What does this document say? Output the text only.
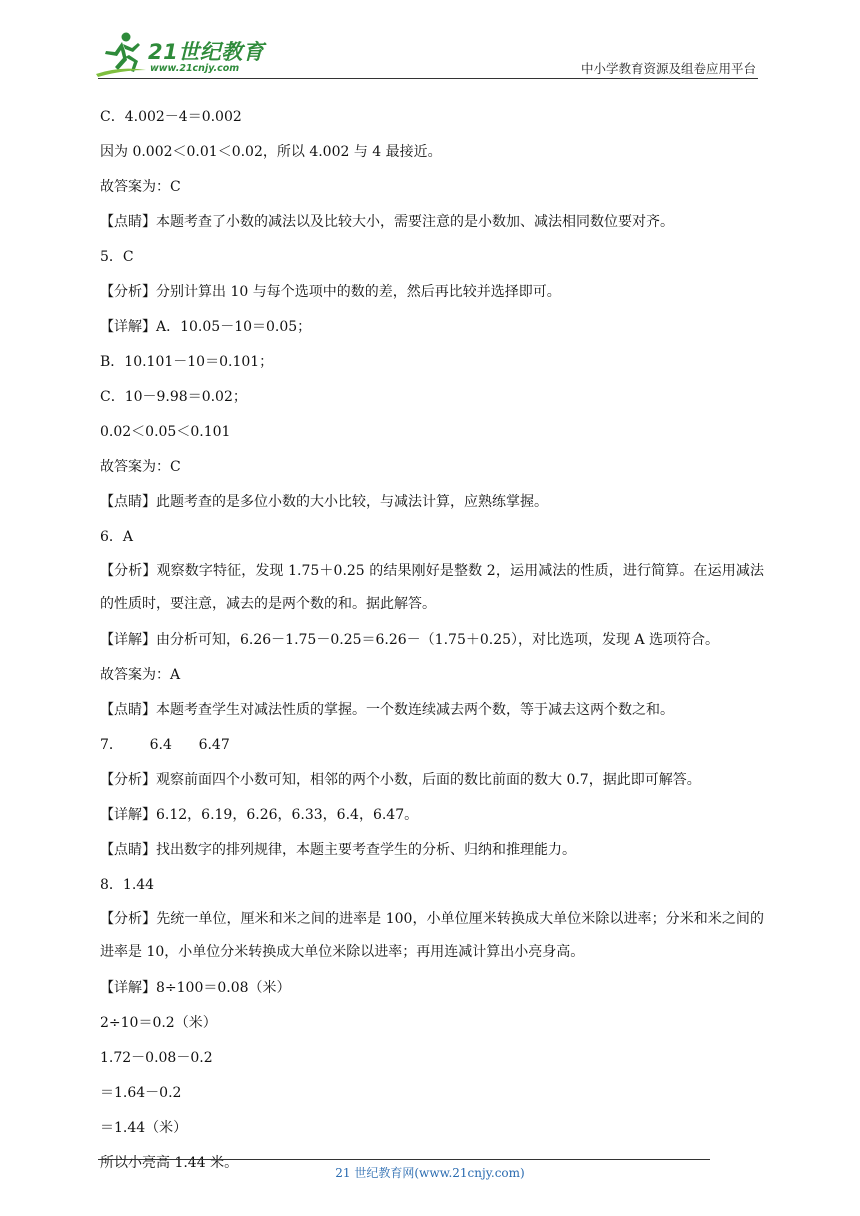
21世纪教育
www.21cnjy.com	中小学教育资源及组卷应用平台

C．4.002－4＝0.002

因为 0.002＜0.01＜0.02，所以 4.002 与 4 最接近。

故答案为：C

【点睛】本题考查了小数的减法以及比较大小，需要注意的是小数加、减法相同数位要对齐。

5．C

【分析】分别计算出 10 与每个选项中的数的差，然后再比较并选择即可。

【详解】A．10.05－10＝0.05；

B．10.101－10＝0.101；

C．10－9.98＝0.02；

0.02＜0.05＜0.101

故答案为：C

【点睛】此题考查的是多位小数的大小比较，与减法计算，应熟练掌握。

6．A

【分析】观察数字特征，发现 1.75＋0.25 的结果刚好是整数 2，运用减法的性质，进行简算。在运用减法的性质时，要注意，减去的是两个数的和。据此解答。

【详解】由分析可知，6.26－1.75－0.25＝6.26－（1.75＋0.25），对比选项，发现 A 选项符合。

故答案为：A

【点睛】本题考查学生对减法性质的掌握。一个数连续减去两个数，等于减去这两个数之和。

7．      6.4      6.47

【分析】观察前面四个小数可知，相邻的两个小数，后面的数比前面的数大 0.7，据此即可解答。

【详解】6.12，6.19，6.26，6.33，6.4，6.47。

【点睛】找出数字的排列规律，本题主要考查学生的分析、归纳和推理能力。

8．1.44

【分析】先统一单位，厘米和米之间的进率是 100，小单位厘米转换成大单位米除以进率；分米和米之间的进率是 10，小单位分米转换成大单位米除以进率；再用连减计算出小亮身高。

【详解】8÷100＝0.08（米）

2÷10＝0.2（米）

1.72－0.08－0.2

＝1.64－0.2

＝1.44（米）

所以小亮高 1.44 米。

21 世纪教育网(www.21cnjy.com)
